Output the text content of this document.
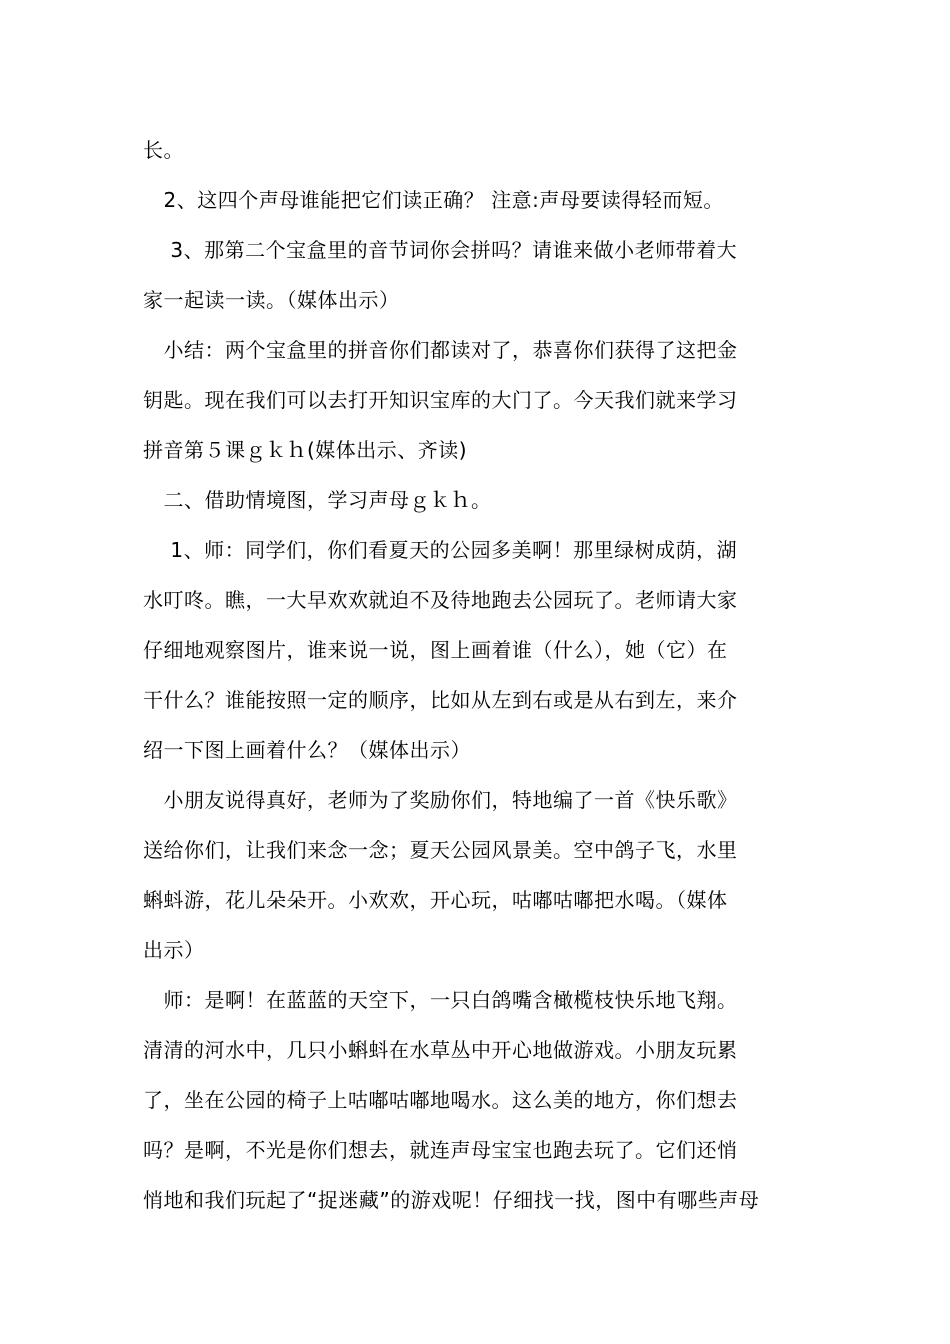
长。
　2、这四个声母谁能把它们读正确？ 注意:声母要读得轻而短。
　 3、那第二个宝盒里的音节词你会拼吗？请谁来做小老师带着大
家一起读一读。（媒体出示）
　小结：两个宝盒里的拼音你们都读对了，恭喜你们获得了这把金
钥匙。现在我们可以去打开知识宝库的大门了。今天我们就来学习
拼音第５课ｇｋｈ(媒体出示、齐读)
　二、借助情境图，学习声母ｇｋｈ。
　 1、师：同学们，你们看夏天的公园多美啊！那里绿树成荫，湖
水叮咚。瞧，一大早欢欢就迫不及待地跑去公园玩了。老师请大家
仔细地观察图片，谁来说一说，图上画着谁（什么），她（它）在
干什么？谁能按照一定的顺序，比如从左到右或是从右到左，来介
绍一下图上画着什么？（媒体出示）
　小朋友说得真好，老师为了奖励你们，特地编了一首《快乐歌》
送给你们，让我们来念一念；夏天公园风景美。空中鸽子飞，水里
蝌蚪游，花儿朵朵开。小欢欢，开心玩，咕嘟咕嘟把水喝。（媒体
出示）
　师：是啊！在蓝蓝的天空下，一只白鸽嘴含橄榄枝快乐地飞翔。
清清的河水中，几只小蝌蚪在水草丛中开心地做游戏。小朋友玩累
了，坐在公园的椅子上咕嘟咕嘟地喝水。这么美的地方，你们想去
吗？是啊，不光是你们想去，就连声母宝宝也跑去玩了。它们还悄
悄地和我们玩起了“捉迷藏”的游戏呢！仔细找一找，图中有哪些声母
